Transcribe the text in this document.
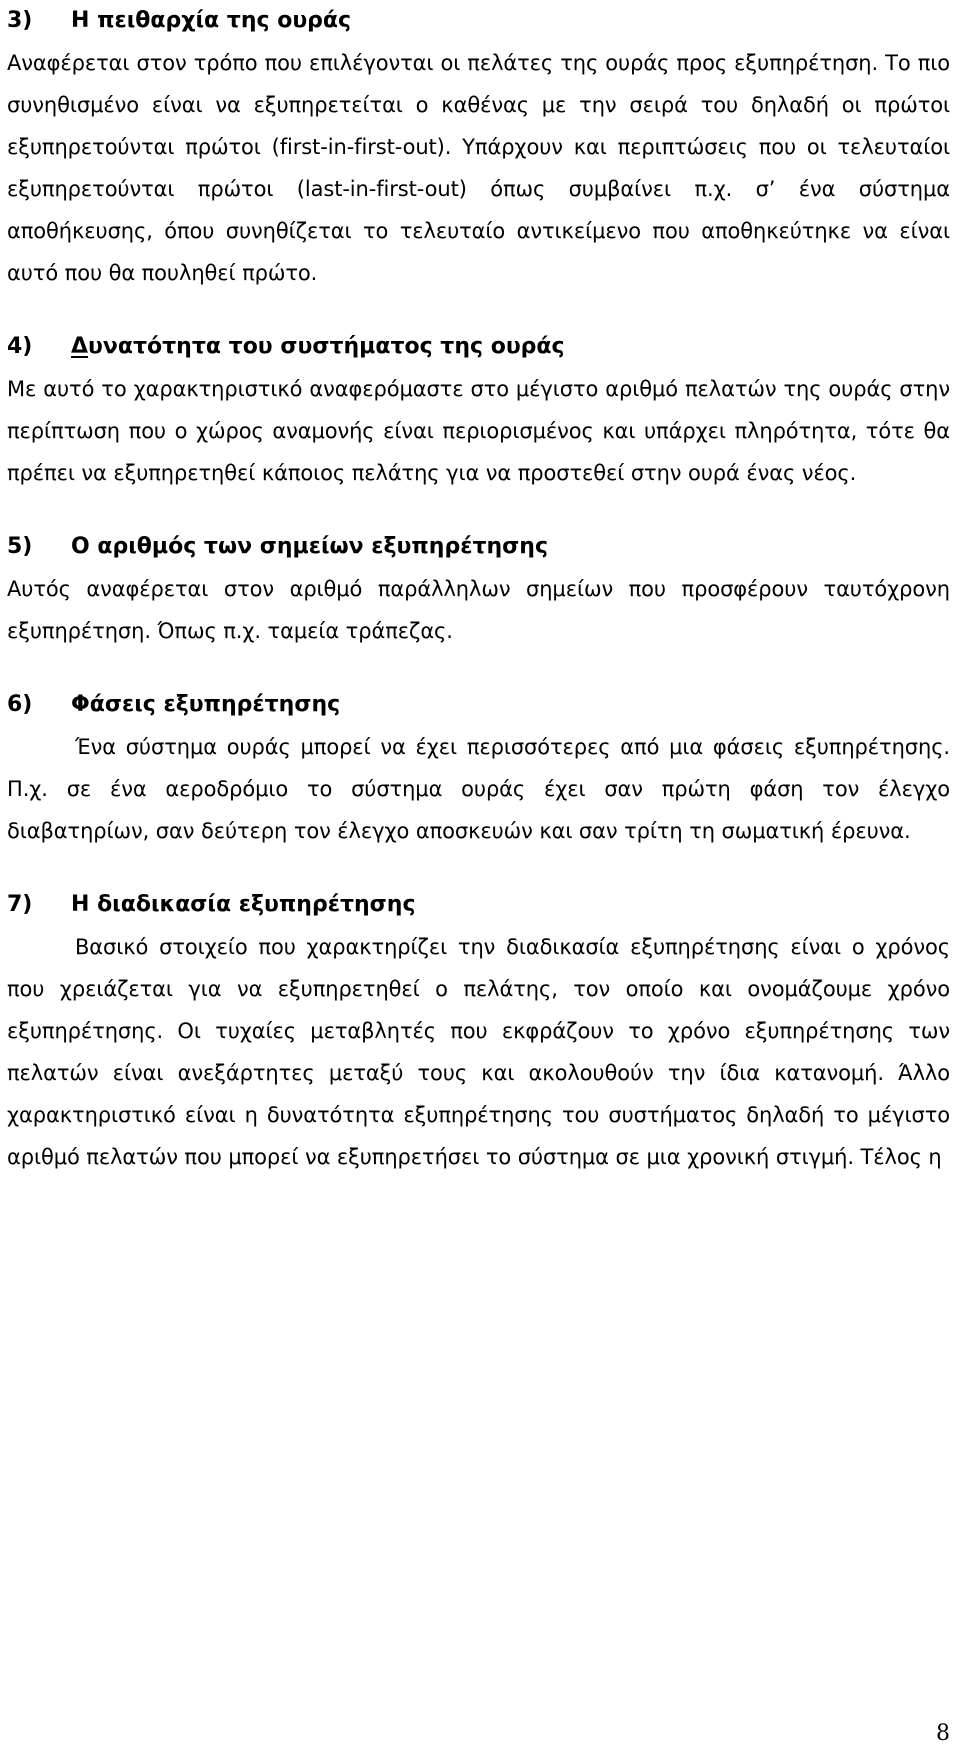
3) Η πειθαρχία της ουράς

Αναφέρεται στον τρόπο που επιλέγονται οι πελάτες της ουράς προς εξυπηρέτηση. Το πιο συνηθισμένο είναι να εξυπηρετείται ο καθένας με την σειρά του δηλαδή οι πρώτοι εξυπηρετούνται πρώτοι (first-in-first-out). Υπάρχουν και περιπτώσεις που οι τελευταίοι εξυπηρετούνται πρώτοι (last-in-first-out) όπως συμβαίνει π.χ. σ’ ένα σύστημα αποθήκευσης, όπου συνηθίζεται το τελευταίο αντικείμενο που αποθηκεύτηκε να είναι αυτό που θα πουληθεί πρώτο.

4) Δυνατότητα του συστήματος της ουράς

Με αυτό το χαρακτηριστικό αναφερόμαστε στο μέγιστο αριθμό πελατών της ουράς στην περίπτωση που ο χώρος αναμονής είναι περιορισμένος και υπάρχει πληρότητα, τότε θα πρέπει να εξυπηρετηθεί κάποιος πελάτης για να προστεθεί στην ουρά ένας νέος.

5) Ο αριθμός των σημείων εξυπηρέτησης

Αυτός αναφέρεται στον αριθμό παράλληλων σημείων που προσφέρουν ταυτόχρονη εξυπηρέτηση. Όπως π.χ. ταμεία τράπεζας.

6) Φάσεις εξυπηρέτησης

Ένα σύστημα ουράς μπορεί να έχει περισσότερες από μια φάσεις εξυπηρέτησης. Π.χ. σε ένα αεροδρόμιο το σύστημα ουράς έχει σαν πρώτη φάση τον έλεγχο διαβατηρίων, σαν δεύτερη τον έλεγχο αποσκευών και σαν τρίτη τη σωματική έρευνα.

7) Η διαδικασία εξυπηρέτησης

Βασικό στοιχείο που χαρακτηρίζει την διαδικασία εξυπηρέτησης είναι ο χρόνος που χρειάζεται για να εξυπηρετηθεί ο πελάτης, τον οποίο και ονομάζουμε χρόνο εξυπηρέτησης. Οι τυχαίες μεταβλητές που εκφράζουν το χρόνο εξυπηρέτησης των πελατών είναι ανεξάρτητες μεταξύ τους και ακολουθούν την ίδια κατανομή. Άλλο χαρακτηριστικό είναι η δυνατότητα εξυπηρέτησης του συστήματος δηλαδή το μέγιστο αριθμό πελατών που μπορεί να εξυπηρετήσει το σύστημα σε μια χρονική στιγμή. Τέλος η

8
